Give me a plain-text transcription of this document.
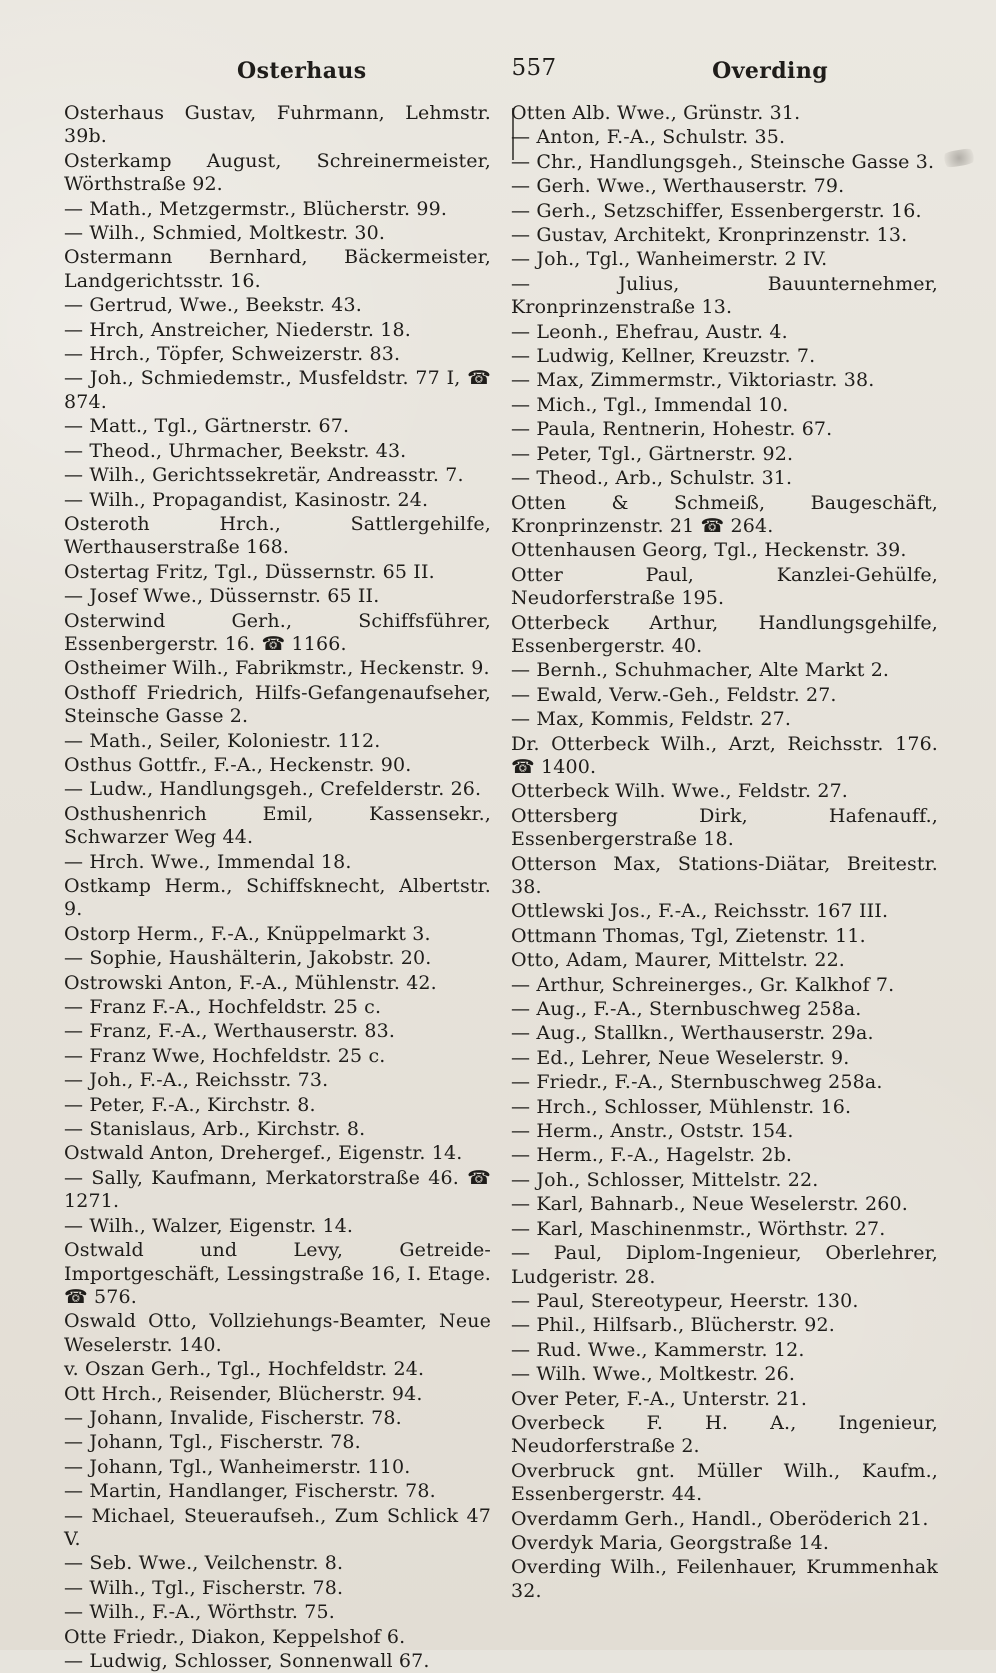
Osterhaus	557	Overding

Osterhaus Gustav, Fuhrmann, Lehmstr. 39b.

Osterkamp August, Schreinermeister, Wörthstraße 92.

— Math., Metzgermstr., Blücherstr. 99.

— Wilh., Schmied, Moltkestr. 30.

Ostermann Bernhard, Bäckermeister, Landgerichtsstr. 16.

— Gertrud, Wwe., Beekstr. 43.

— Hrch, Anstreicher, Niederstr. 18.

— Hrch., Töpfer, Schweizerstr. 83.

— Joh., Schmiedemstr., Musfeldstr. 77 I, ☎ 874.

— Matt., Tgl., Gärtnerstr. 67.

— Theod., Uhrmacher, Beekstr. 43.

— Wilh., Gerichtssekretär, Andreasstr. 7.

— Wilh., Propagandist, Kasinostr. 24.

Osteroth Hrch., Sattlergehilfe, Werthauserstraße 168.

Ostertag Fritz, Tgl., Düssernstr. 65 II.

— Josef Wwe., Düssernstr. 65 II.

Osterwind Gerh., Schiffsführer, Essenbergerstr. 16. ☎ 1166.

Ostheimer Wilh., Fabrikmstr., Heckenstr. 9.

Osthoff Friedrich, Hilfs-Gefangenaufseher, Steinsche Gasse 2.

— Math., Seiler, Koloniestr. 112.

Osthus Gottfr., F.-A., Heckenstr. 90.

— Ludw., Handlungsgeh., Crefelderstr. 26.

Osthushenrich Emil, Kassensekr., Schwarzer Weg 44.

— Hrch. Wwe., Immendal 18.

Ostkamp Herm., Schiffsknecht, Albertstr. 9.

Ostorp Herm., F.-A., Knüppelmarkt 3.

— Sophie, Haushälterin, Jakobstr. 20.

Ostrowski Anton, F.-A., Mühlenstr. 42.

— Franz F.-A., Hochfeldstr. 25 c.

— Franz, F.-A., Werthauserstr. 83.

— Franz Wwe, Hochfeldstr. 25 c.

— Joh., F.-A., Reichsstr. 73.

— Peter, F.-A., Kirchstr. 8.

— Stanislaus, Arb., Kirchstr. 8.

Ostwald Anton, Drehergef., Eigenstr. 14.

— Sally, Kaufmann, Merkatorstraße 46. ☎ 1271.

— Wilh., Walzer, Eigenstr. 14.

Ostwald und Levy, Getreide-Importgeschäft, Lessingstraße 16, I. Etage. ☎ 576.

Oswald Otto, Vollziehungs-Beamter, Neue Weselerstr. 140.

v. Oszan Gerh., Tgl., Hochfeldstr. 24.

Ott Hrch., Reisender, Blücherstr. 94.

— Johann, Invalide, Fischerstr. 78.

— Johann, Tgl., Fischerstr. 78.

— Johann, Tgl., Wanheimerstr. 110.

— Martin, Handlanger, Fischerstr. 78.

— Michael, Steueraufseh., Zum Schlick 47 V.

— Seb. Wwe., Veilchenstr. 8.

— Wilh., Tgl., Fischerstr. 78.

— Wilh., F.-A., Wörthstr. 75.

Otte Friedr., Diakon, Keppelshof 6.

— Ludwig, Schlosser, Sonnenwall 67.

Otten Alb. Wwe., Grünstr. 31.

— Anton, F.-A., Schulstr. 35.

— Chr., Handlungsgeh., Steinsche Gasse 3.

— Gerh. Wwe., Werthauserstr. 79.

— Gerh., Setzschiffer, Essenbergerstr. 16.

— Gustav, Architekt, Kronprinzenstr. 13.

— Joh., Tgl., Wanheimerstr. 2 IV.

— Julius, Bauunternehmer, Kronprinzenstraße 13.

— Leonh., Ehefrau, Austr. 4.

— Ludwig, Kellner, Kreuzstr. 7.

— Max, Zimmermstr., Viktoriastr. 38.

— Mich., Tgl., Immendal 10.

— Paula, Rentnerin, Hohestr. 67.

— Peter, Tgl., Gärtnerstr. 92.

— Theod., Arb., Schulstr. 31.

Otten & Schmeiß, Baugeschäft, Kronprinzenstr. 21 ☎ 264.

Ottenhausen Georg, Tgl., Heckenstr. 39.

Otter Paul, Kanzlei-Gehülfe, Neudorferstraße 195.

Otterbeck Arthur, Handlungsgehilfe, Essenbergerstr. 40.

— Bernh., Schuhmacher, Alte Markt 2.

— Ewald, Verw.-Geh., Feldstr. 27.

— Max, Kommis, Feldstr. 27.

Dr. Otterbeck Wilh., Arzt, Reichsstr. 176. ☎ 1400.

Otterbeck Wilh. Wwe., Feldstr. 27.

Ottersberg Dirk, Hafenauff., Essenbergerstraße 18.

Otterson Max, Stations-Diätar, Breitestr. 38.

Ottlewski Jos., F.-A., Reichsstr. 167 III.

Ottmann Thomas, Tgl, Zietenstr. 11.

Otto, Adam, Maurer, Mittelstr. 22.

— Arthur, Schreinerges., Gr. Kalkhof 7.

— Aug., F.-A., Sternbuschweg 258a.

— Aug., Stallkn., Werthauserstr. 29a.

— Ed., Lehrer, Neue Weselerstr. 9.

— Friedr., F.-A., Sternbuschweg 258a.

— Hrch., Schlosser, Mühlenstr. 16.

— Herm., Anstr., Oststr. 154.

— Herm., F.-A., Hagelstr. 2b.

— Joh., Schlosser, Mittelstr. 22.

— Karl, Bahnarb., Neue Weselerstr. 260.

— Karl, Maschinenmstr., Wörthstr. 27.

— Paul, Diplom-Ingenieur, Oberlehrer, Ludgeristr. 28.

— Paul, Stereotypeur, Heerstr. 130.

— Phil., Hilfsarb., Blücherstr. 92.

— Rud. Wwe., Kammerstr. 12.

— Wilh. Wwe., Moltkestr. 26.

Over Peter, F.-A., Unterstr. 21.

Overbeck F. H. A., Ingenieur, Neudorferstraße 2.

Overbruck gnt. Müller Wilh., Kaufm., Essenbergerstr. 44.

Overdamm Gerh., Handl., Oberöderich 21.

Overdyk Maria, Georgstraße 14.

Overding Wilh., Feilenhauer, Krummenhak 32.
